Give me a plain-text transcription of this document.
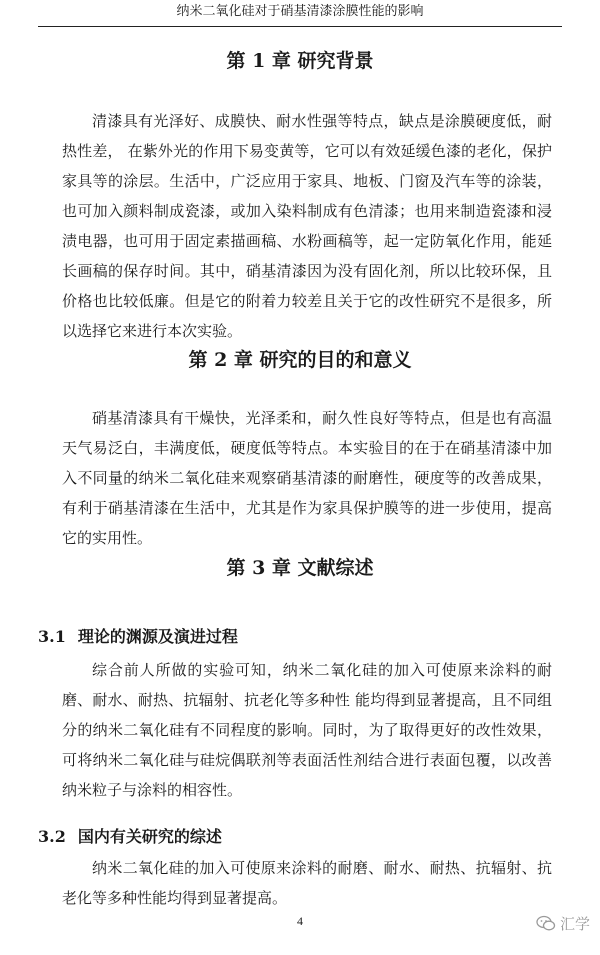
纳米二氧化硅对于硝基清漆涂膜性能的影响
第 1 章 研究背景

清漆具有光泽好、成膜快、耐水性强等特点，缺点是涂膜硬度低，耐热性差， 在紫外光的作用下易变黄等，它可以有效延缓色漆的老化，保护家具等的涂层。生活中，广泛应用于家具、地板、门窗及汽车等的涂装，也可加入颜料制成瓷漆，或加入染料制成有色清漆；也用来制造瓷漆和浸渍电器，也可用于固定素描画稿、水粉画稿等，起一定防氧化作用，能延长画稿的保存时间。其中，硝基清漆因为没有固化剂，所以比较环保，且价格也比较低廉。但是它的附着力较差且关于它的改性研究不是很多，所以选择它来进行本次实验。

第 2 章 研究的目的和意义

硝基清漆具有干燥快，光泽柔和，耐久性良好等特点，但是也有高温天气易泛白，丰满度低，硬度低等特点。本实验目的在于在硝基清漆中加入不同量的纳米二氧化硅来观察硝基清漆的耐磨性，硬度等的改善成果，有利于硝基清漆在生活中，尤其是作为家具保护膜等的进一步使用，提高它的实用性。

第 3 章 文献综述
3.1 理论的渊源及演进过程

综合前人所做的实验可知，纳米二氧化硅的加入可使原来涂料的耐磨、耐水、耐热、抗辐射、抗老化等多种性 能均得到显著提高，且不同组分的纳米二氧化硅有不同程度的影响。同时，为了取得更好的改性效果，可将纳米二氧化硅与硅烷偶联剂等表面活性剂结合进行表面包覆，以改善纳米粒子与涂料的相容性。

3.2 国内有关研究的综述

纳米二氧化硅的加入可使原来涂料的耐磨、耐水、耐热、抗辐射、抗老化等多种性能均得到显著提高。

4	汇学
